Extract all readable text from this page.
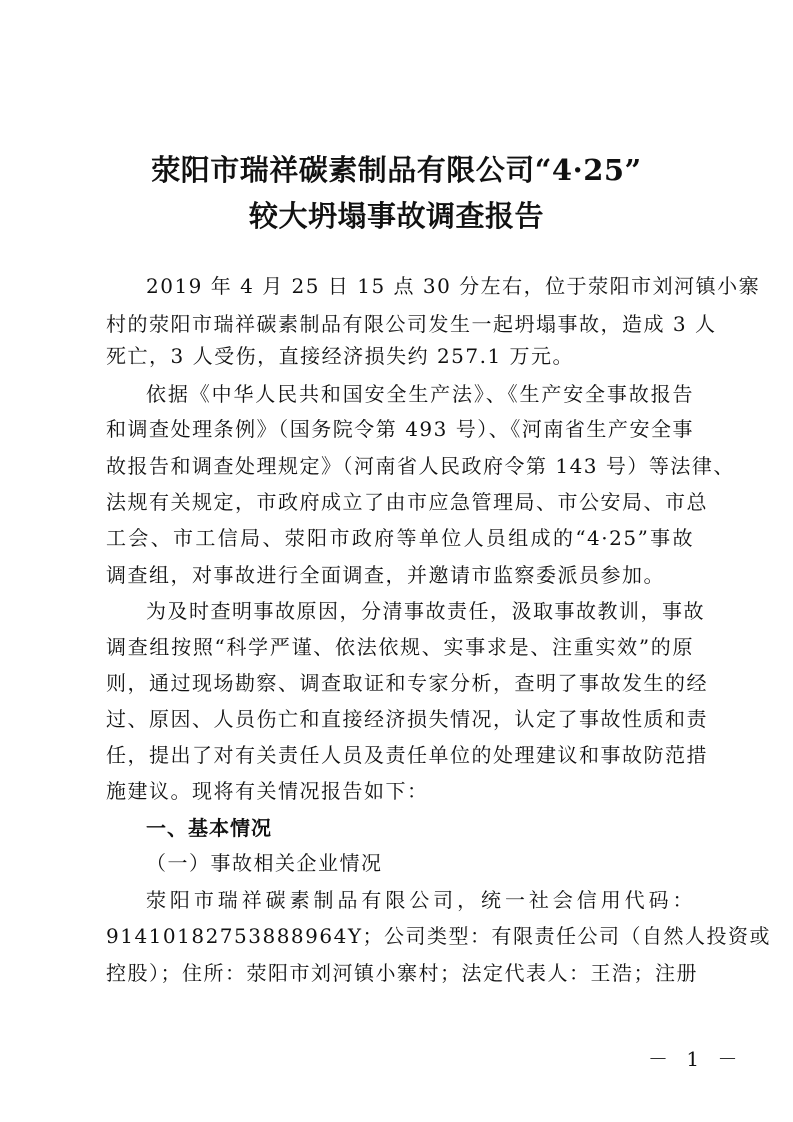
荥阳市瑞祥碳素制品有限公司“4·25”
较大坍塌事故调查报告
2019 年 4 月 25 日 15 点 30 分左右，位于荥阳市刘河镇小寨
村的荥阳市瑞祥碳素制品有限公司发生一起坍塌事故，造成 3 人
死亡，3 人受伤，直接经济损失约 257.1 万元。
依据《中华人民共和国安全生产法》、《生产安全事故报告
和调查处理条例》（国务院令第 493 号）、《河南省生产安全事
故报告和调查处理规定》（河南省人民政府令第 143 号）等法律、
法规有关规定，市政府成立了由市应急管理局、市公安局、市总
工会、市工信局、荥阳市政府等单位人员组成的“4·25”事故
调查组，对事故进行全面调查，并邀请市监察委派员参加。
为及时查明事故原因，分清事故责任，汲取事故教训，事故
调查组按照“科学严谨、依法依规、实事求是、注重实效”的原
则，通过现场勘察、调查取证和专家分析，查明了事故发生的经
过、原因、人员伤亡和直接经济损失情况，认定了事故性质和责
任，提出了对有关责任人员及责任单位的处理建议和事故防范措
施建议。现将有关情况报告如下：
一、基本情况
（一）事故相关企业情况
荥阳市瑞祥碳素制品有限公司，统一社会信用代码：
91410182753888964Y；公司类型：有限责任公司（自然人投资或
控股）；住所：荥阳市刘河镇小寨村；法定代表人：王浩；注册
－ 1 －
